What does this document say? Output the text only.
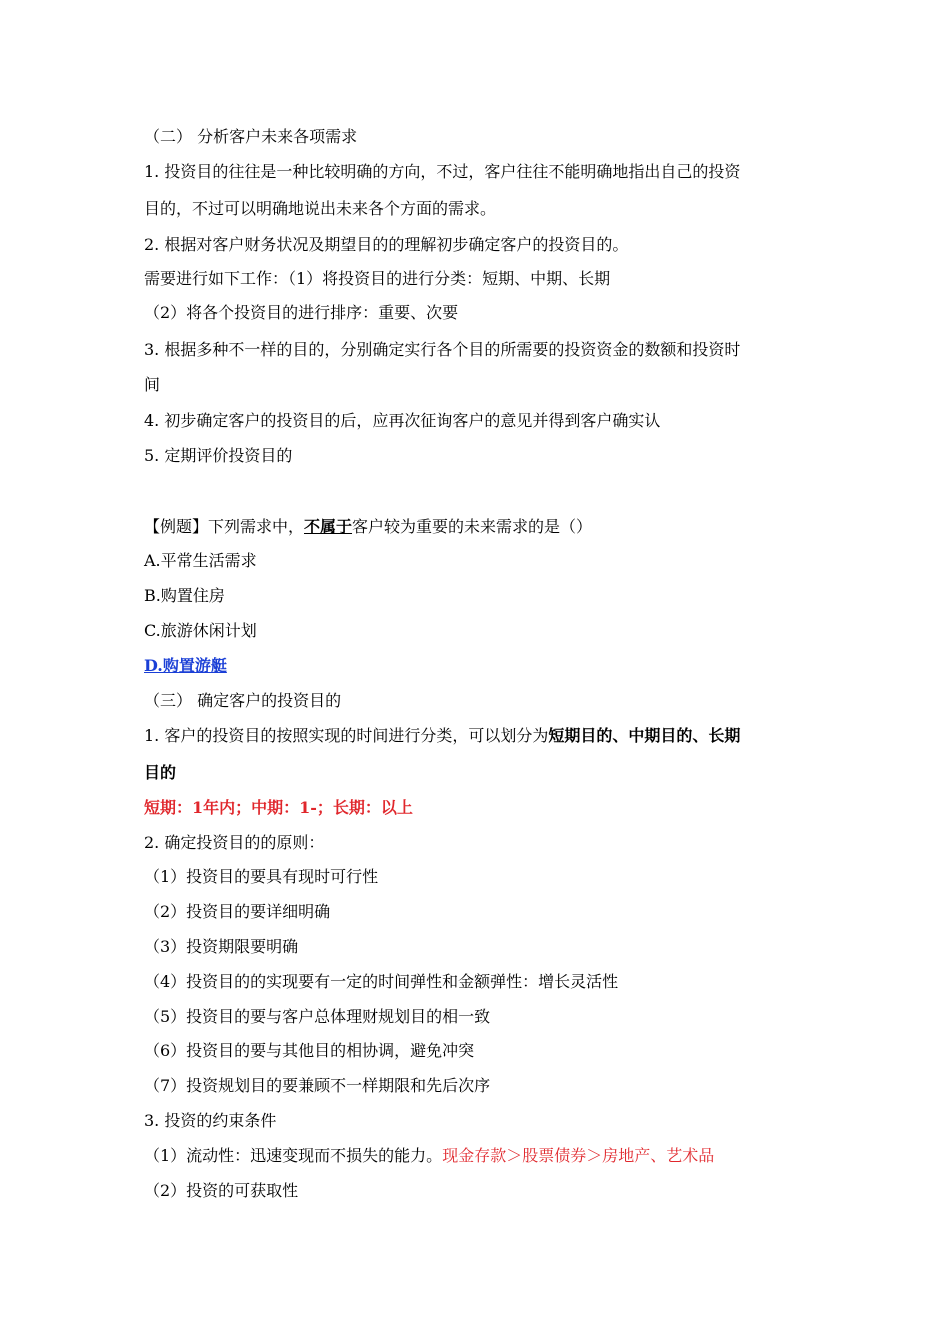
（二） 分析客户未来各项需求
1. 投资目的往往是一种比较明确的方向，不过，客户往往不能明确地指出自己的投资
目的，不过可以明确地说出未来各个方面的需求。
2. 根据对客户财务状况及期望目的的理解初步确定客户的投资目的。
需要进行如下工作：（1）将投资目的进行分类：短期、中期、长期
（2）将各个投资目的进行排序：重要、次要
3. 根据多种不一样的目的，分别确定实行各个目的所需要的投资资金的数额和投资时
间
4. 初步确定客户的投资目的后，应再次征询客户的意见并得到客户确实认
5. 定期评价投资目的
【例题】下列需求中，不属于客户较为重要的未来需求的是（）
A.平常生活需求
B.购置住房
C.旅游休闲计划
D.购置游艇
（三） 确定客户的投资目的
1. 客户的投资目的按照实现的时间进行分类，可以划分为短期目的、中期目的、长期
目的
短期：1年内；中期：1-；长期：以上
2. 确定投资目的的原则：
（1）投资目的要具有现时可行性
（2）投资目的要详细明确
（3）投资期限要明确
（4）投资目的的实现要有一定的时间弹性和金额弹性：增长灵活性
（5）投资目的要与客户总体理财规划目的相一致
（6）投资目的要与其他目的相协调，避免冲突
（7）投资规划目的要兼顾不一样期限和先后次序
3. 投资的约束条件
（1）流动性：迅速变现而不损失的能力。现金存款＞股票债券＞房地产、艺术品
（2）投资的可获取性
